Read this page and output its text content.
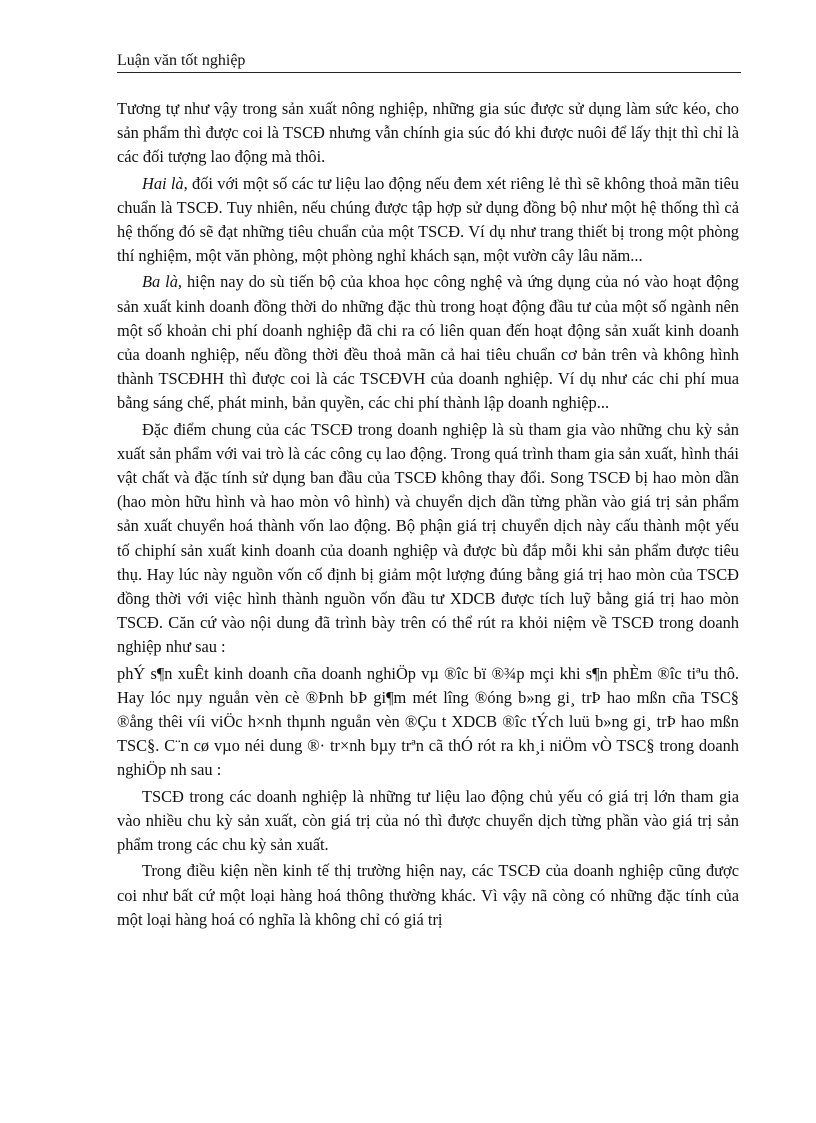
Luận văn tốt nghiệp

Tương tự như vậy trong sản xuất nông nghiệp, những gia súc được sử dụng làm sức kéo, cho sản phẩm thì được coi là TSCĐ nhưng vẫn chính gia súc đó khi được nuôi để lấy thịt thì chỉ là các đối tượng lao động mà thôi.

Hai là, đối với một số các tư liệu lao động nếu đem xét riêng lẻ thì sẽ không thoả mãn tiêu chuẩn là TSCĐ. Tuy nhiên, nếu chúng được tập hợp sử dụng đồng bộ như một hệ thống thì cả hệ thống đó sẽ đạt những tiêu chuẩn của một TSCĐ. Ví dụ như trang thiết bị trong một phòng thí nghiệm, một văn phòng, một phòng nghỉ khách sạn, một vườn cây lâu năm...

Ba là, hiện nay do sù tiến bộ của khoa học công nghệ và ứng dụng của nó vào hoạt động sản xuất kinh doanh đồng thời do những đặc thù trong hoạt động đầu tư của một số ngành nên một số khoản chi phí doanh nghiệp đã chi ra có liên quan đến hoạt động sản xuất kinh doanh của doanh nghiệp, nếu đồng thời đều thoả mãn cả hai tiêu chuẩn cơ bản trên và không hình thành TSCĐHH thì được coi là các TSCĐVH của doanh nghiệp. Ví dụ như các chi phí mua bằng sáng chế, phát minh, bản quyền, các chi phí thành lập doanh nghiệp...

Đặc điểm chung của các TSCĐ trong doanh nghiệp là sù tham gia vào những chu kỳ sản xuất sản phẩm với vai trò là các công cụ lao động. Trong quá trình tham gia sản xuất, hình thái vật chất và đặc tính sử dụng ban đầu của TSCĐ không thay đổi. Song TSCĐ bị hao mòn dần (hao mòn hữu hình và hao mòn vô hình) và chuyển dịch dần từng phần vào giá trị sản phẩm sản xuất chuyển hoá thành vốn lao động. Bộ phận giá trị chuyển dịch này cấu thành một yếu tố chiphí sản xuất kinh doanh của doanh nghiệp và được bù đắp mỗi khi sản phẩm được tiêu thụ. Hay lúc này nguồn vốn cố định bị giảm một lượng đúng bằng giá trị hao mòn của TSCĐ đồng thời với việc hình thành nguồn vốn đầu tư XDCB được tích luỹ bằng giá trị hao mòn TSCĐ. Căn cứ vào nội dung đã trình bày trên có thể rút ra khỏi niệm về TSCĐ trong doanh nghiệp như sau :

phÝ s¶n xuÊt kinh doanh cña doanh nghiÖp vµ ®îc bï ®¾p mçi khi s¶n phÈm ®îc tiªu thô. Hay lóc nµy nguån vèn cè ®Þnh bÞ gi¶m mét lîng ®óng b»ng gi¸ trÞ hao mßn cña TSC§ ®ång thêi víi viÖc h×nh thµnh nguån vèn ®Çu t XDCB ®îc tÝch luü b»ng gi¸ trÞ hao mßn TSC§. C¨n cø vµo néi dung ®· tr×nh bµy trªn cã thÓ rót ra kh¸i niÖm vÒ TSC§ trong doanh nghiÖp nh sau :

TSCĐ trong các doanh nghiệp là những tư liệu lao động chủ yếu có giá trị lớn tham gia vào nhiều chu kỳ sản xuất, còn giá trị của nó thì được chuyển dịch từng phần vào giá trị sản phẩm trong các chu kỳ sản xuất.

Trong điều kiện nền kinh tế thị trường hiện nay, các TSCĐ của doanh nghiệp cũng được coi như bất cứ một loại hàng hoá thông thường khác. Vì vậy nã còng có những đặc tính của một loại hàng hoá có nghĩa là không chỉ có giá trị
